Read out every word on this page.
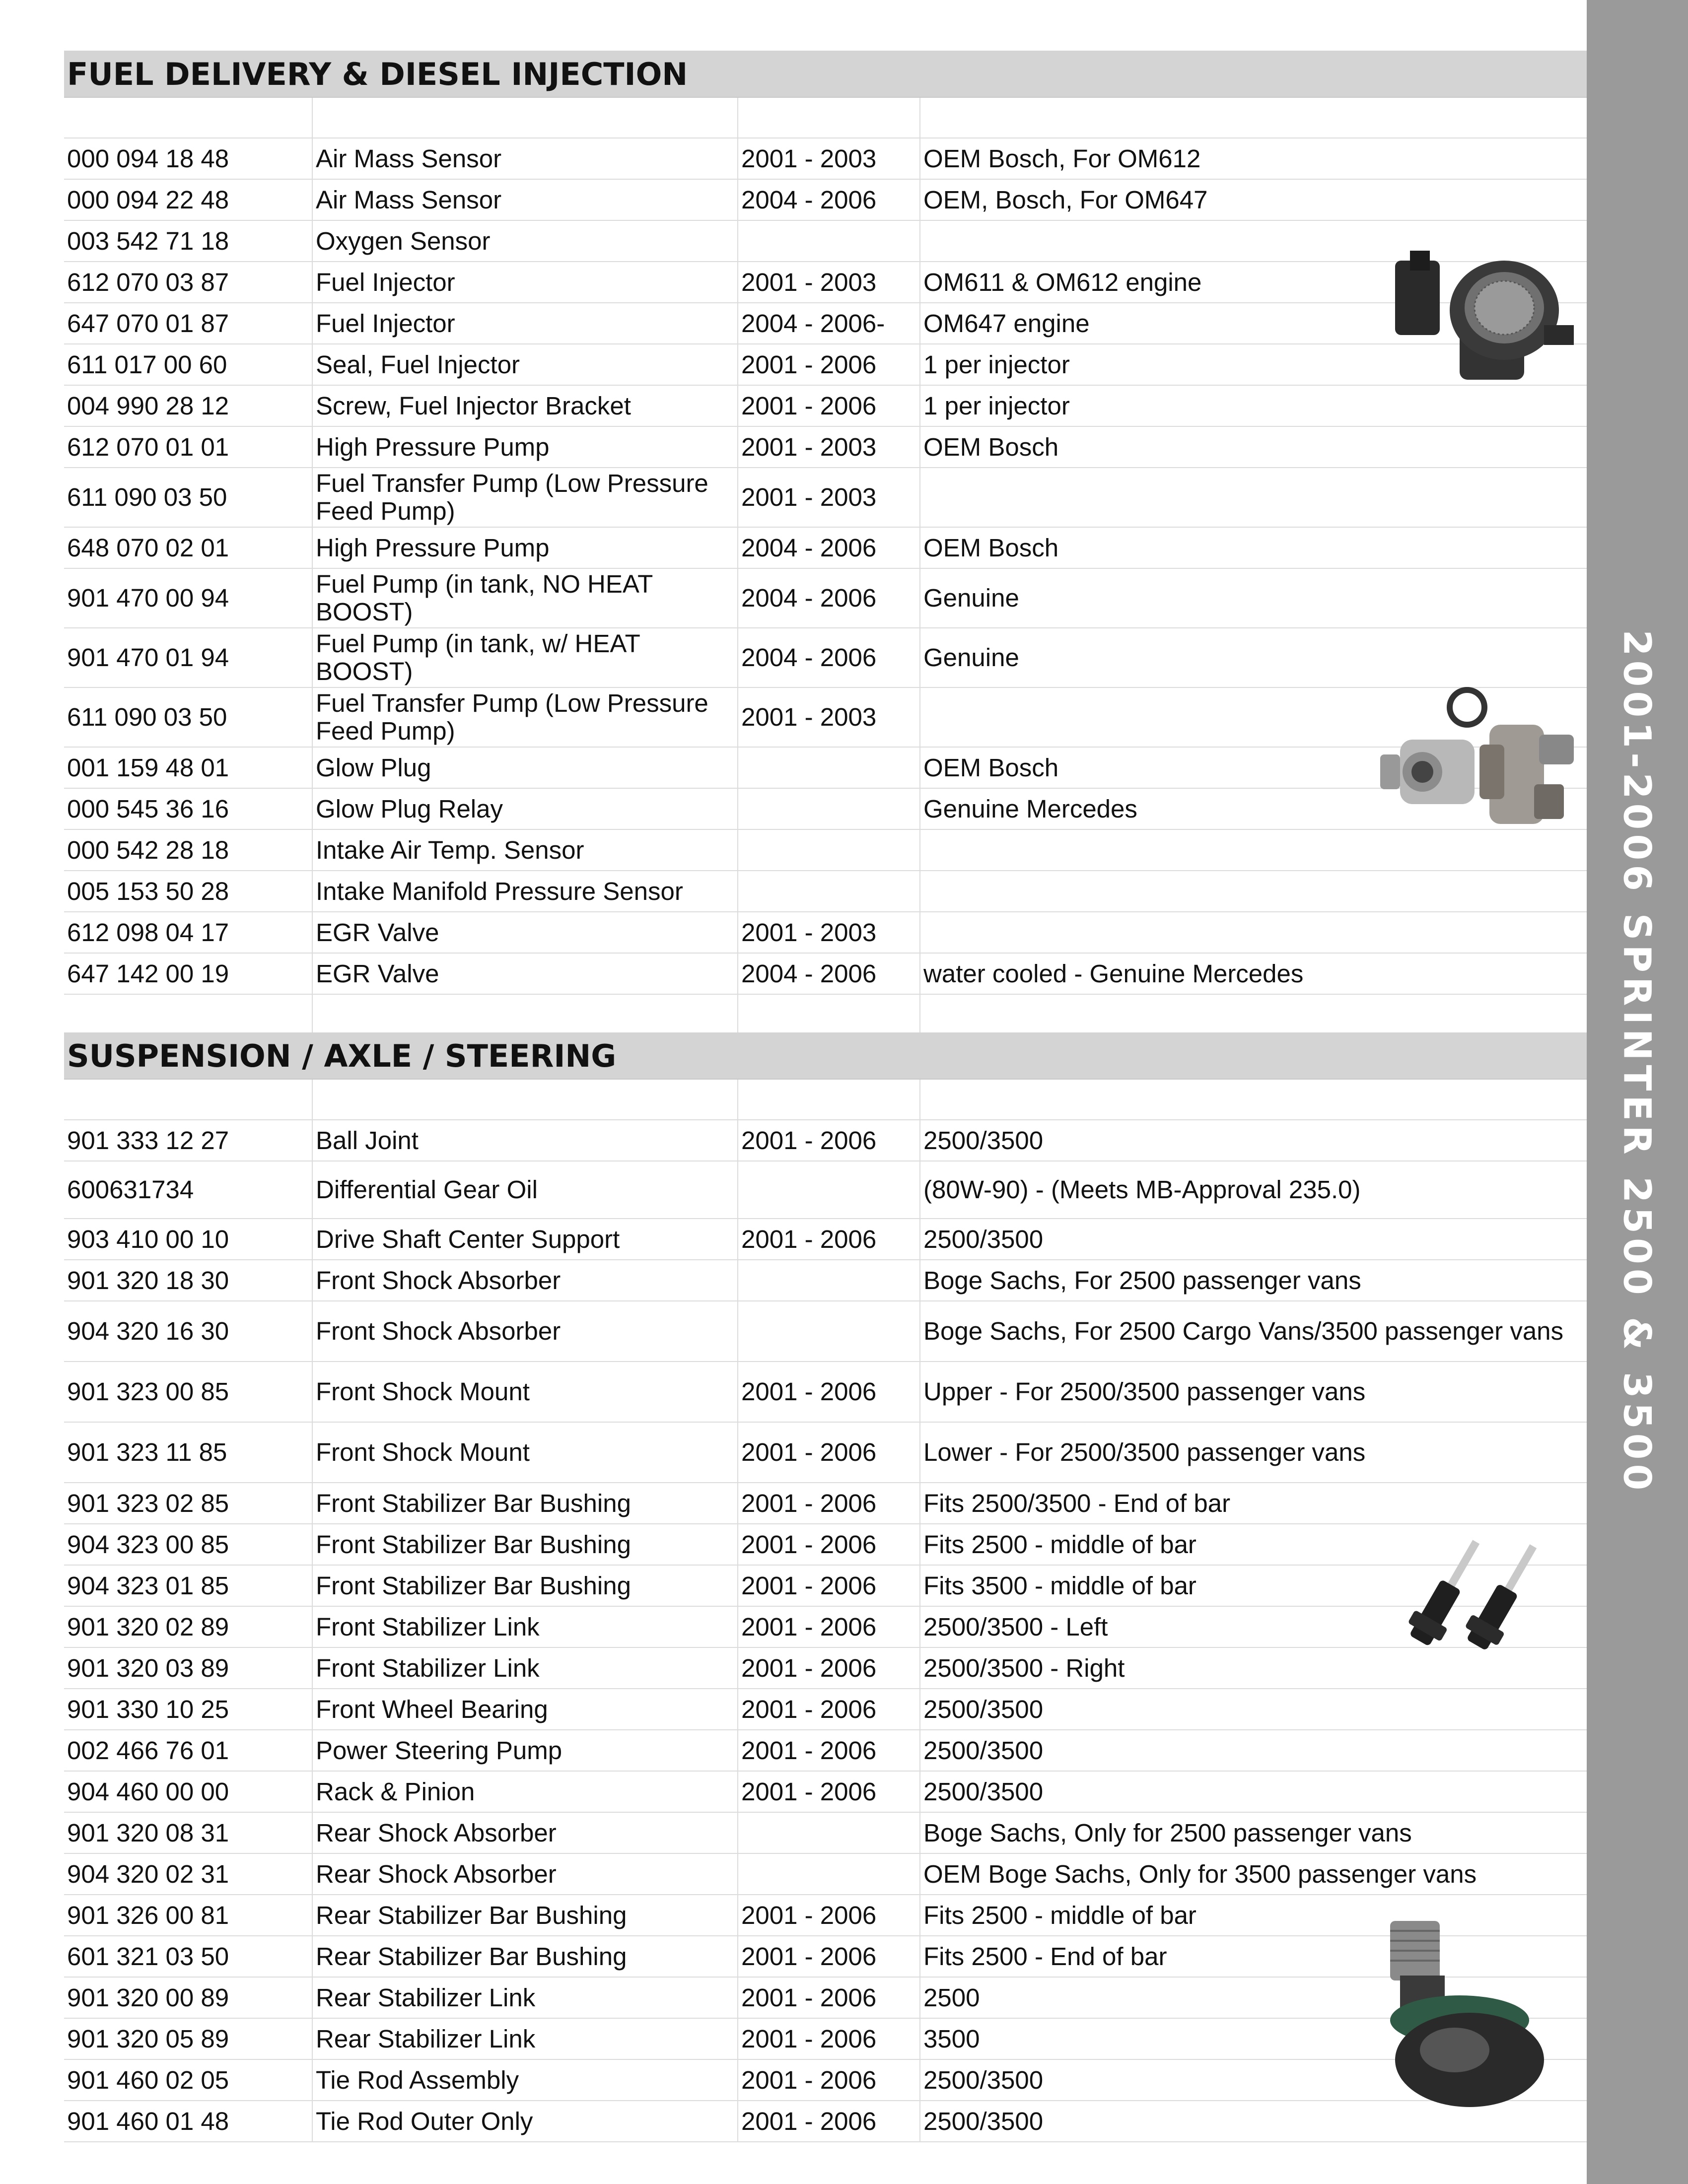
2001-2006 SPRINTER 2500 & 3500
FUEL DELIVERY & DIESEL INJECTION

000 094 18 48	Air Mass Sensor	2001 - 2003	OEM Bosch, For OM612
000 094 22 48	Air Mass Sensor	2004 - 2006	OEM, Bosch, For OM647
003 542 71 18	Oxygen Sensor		
612 070 03 87	Fuel Injector	2001 - 2003	OM611 & OM612 engine
647 070 01 87	Fuel Injector	2004 - 2006-	OM647 engine
611 017 00 60	Seal, Fuel Injector	2001 - 2006	1 per injector
004 990 28 12	Screw, Fuel Injector Bracket	2001 - 2006	1 per injector
612 070 01 01	High Pressure Pump	2001 - 2003	OEM Bosch
611 090 03 50	Fuel Transfer Pump (Low Pressure Feed Pump)	2001 - 2003	
648 070 02 01	High Pressure Pump	2004 - 2006	OEM Bosch
901 470 00 94	Fuel Pump (in tank, NO HEAT BOOST)	2004 - 2006	Genuine
901 470 01 94	Fuel Pump (in tank, w/ HEAT BOOST)	2004 - 2006	Genuine
611 090 03 50	Fuel Transfer Pump (Low Pressure Feed Pump)	2001 - 2003	
001 159 48 01	Glow Plug		OEM Bosch
000 545 36 16	Glow Plug Relay		Genuine Mercedes
000 542 28 18	Intake Air Temp. Sensor		
005 153 50 28	Intake Manifold Pressure Sensor		
612 098 04 17	EGR Valve	2001 - 2003	
647 142 00 19	EGR Valve	2004 - 2006	water cooled - Genuine Mercedes

SUSPENSION / AXLE / STEERING

901 333 12 27	Ball Joint	2001 - 2006	2500/3500
600631734	Differential Gear Oil		(80W-90) - (Meets MB-Approval 235.0)
903 410 00 10	Drive Shaft Center Support	2001 - 2006	2500/3500
901 320 18 30	Front Shock Absorber		Boge Sachs, For 2500 passenger vans
904 320 16 30	Front Shock Absorber		Boge Sachs, For 2500 Cargo Vans/3500 passenger vans
901 323 00 85	Front Shock Mount	2001 - 2006	Upper - For 2500/3500 passenger vans
901 323 11 85	Front Shock Mount	2001 - 2006	Lower - For 2500/3500 passenger vans
901 323 02 85	Front Stabilizer Bar Bushing	2001 - 2006	Fits 2500/3500 - End of bar
904 323 00 85	Front Stabilizer Bar Bushing	2001 - 2006	Fits 2500 - middle of bar
904 323 01 85	Front Stabilizer Bar Bushing	2001 - 2006	Fits 3500 - middle of bar
901 320 02 89	Front Stabilizer Link	2001 - 2006	2500/3500 - Left
901 320 03 89	Front Stabilizer Link	2001 - 2006	2500/3500 - Right
901 330 10 25	Front Wheel Bearing	2001 - 2006	2500/3500
002 466 76 01	Power Steering Pump	2001 - 2006	2500/3500
904 460 00 00	Rack & Pinion	2001 - 2006	2500/3500
901 320 08 31	Rear Shock Absorber		Boge Sachs, Only for 2500 passenger vans
904 320 02 31	Rear Shock Absorber		OEM Boge Sachs, Only for 3500 passenger vans
901 326 00 81	Rear Stabilizer Bar Bushing	2001 - 2006	Fits 2500 - middle of bar
601 321 03 50	Rear Stabilizer Bar Bushing	2001 - 2006	Fits 2500 - End of bar
901 320 00 89	Rear Stabilizer Link	2001 - 2006	2500
901 320 05 89	Rear Stabilizer Link	2001 - 2006	3500
901 460 02 05	Tie Rod Assembly	2001 - 2006	2500/3500
901 460 01 48	Tie Rod Outer Only	2001 - 2006	2500/3500
